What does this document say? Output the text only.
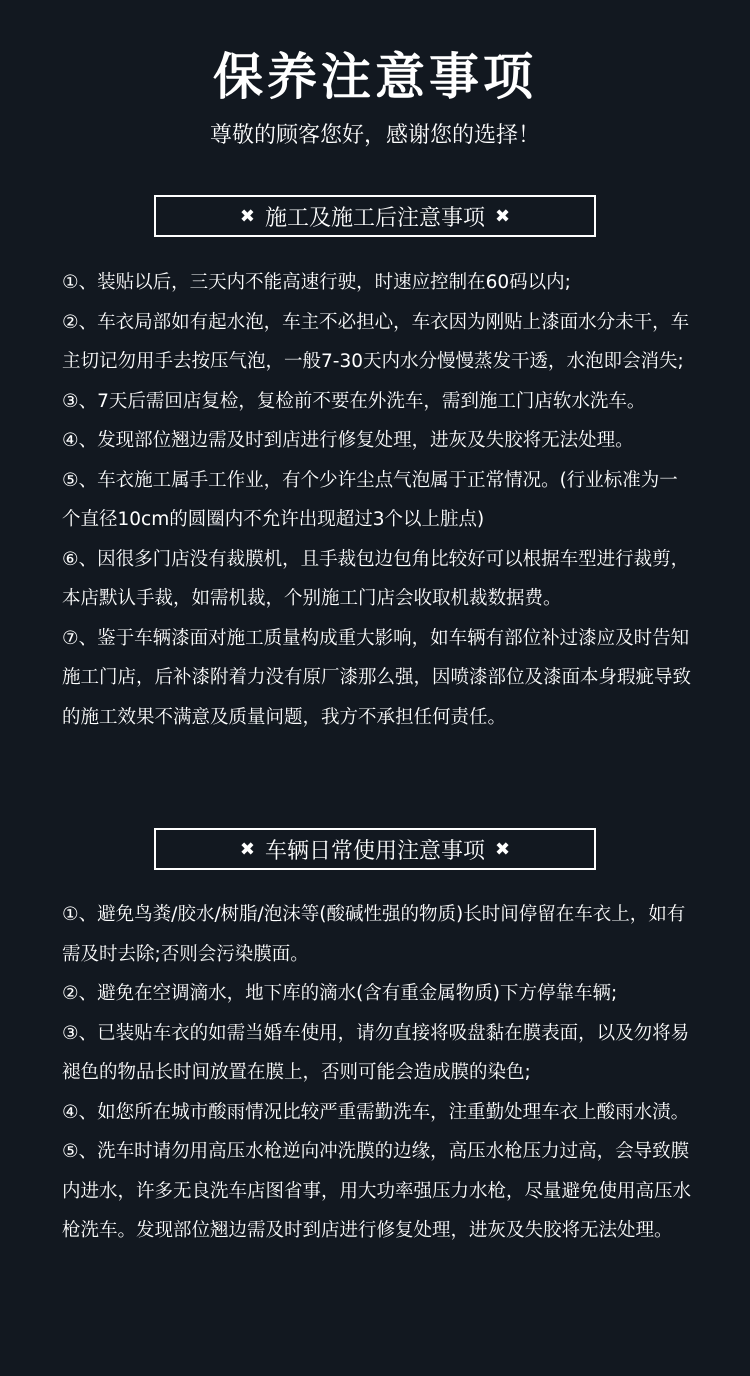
保养注意事项
尊敬的顾客您好，感谢您的选择！
✖ 施工及施工后注意事项 ✖
①、装贴以后，三天内不能高速行驶，时速应控制在60码以内;
②、车衣局部如有起水泡，车主不必担心，车衣因为刚贴上漆面水分未干，车主切记勿用手去按压气泡，一般7-30天内水分慢慢蒸发干透，水泡即会消失;
③、7天后需回店复检，复检前不要在外洗车，需到施工门店软水洗车。
④、发现部位翘边需及时到店进行修复处理，进灰及失胶将无法处理。
⑤、车衣施工属手工作业，有个少许尘点气泡属于正常情况。(行业标准为一个直径10cm的圆圈内不允许出现超过3个以上脏点)
⑥、因很多门店没有裁膜机，且手裁包边包角比较好可以根据车型进行裁剪，本店默认手裁，如需机裁，个别施工门店会收取机裁数据费。
⑦、鉴于车辆漆面对施工质量构成重大影响，如车辆有部位补过漆应及时告知施工门店，后补漆附着力没有原厂漆那么强，因喷漆部位及漆面本身瑕疵导致的施工效果不满意及质量问题，我方不承担任何责任。
✖ 车辆日常使用注意事项 ✖
①、避免鸟粪/胶水/树脂/泡沫等(酸碱性强的物质)长时间停留在车衣上，如有需及时去除;否则会污染膜面。
②、避免在空调滴水，地下库的滴水(含有重金属物质)下方停靠车辆;
③、已装贴车衣的如需当婚车使用，请勿直接将吸盘黏在膜表面，以及勿将易褪色的物品长时间放置在膜上，否则可能会造成膜的染色;
④、如您所在城市酸雨情况比较严重需勤洗车，注重勤处理车衣上酸雨水渍。
⑤、洗车时请勿用高压水枪逆向冲洗膜的边缘，高压水枪压力过高，会导致膜内进水，许多无良洗车店图省事，用大功率强压力水枪，尽量避免使用高压水枪洗车。发现部位翘边需及时到店进行修复处理，进灰及失胶将无法处理。
